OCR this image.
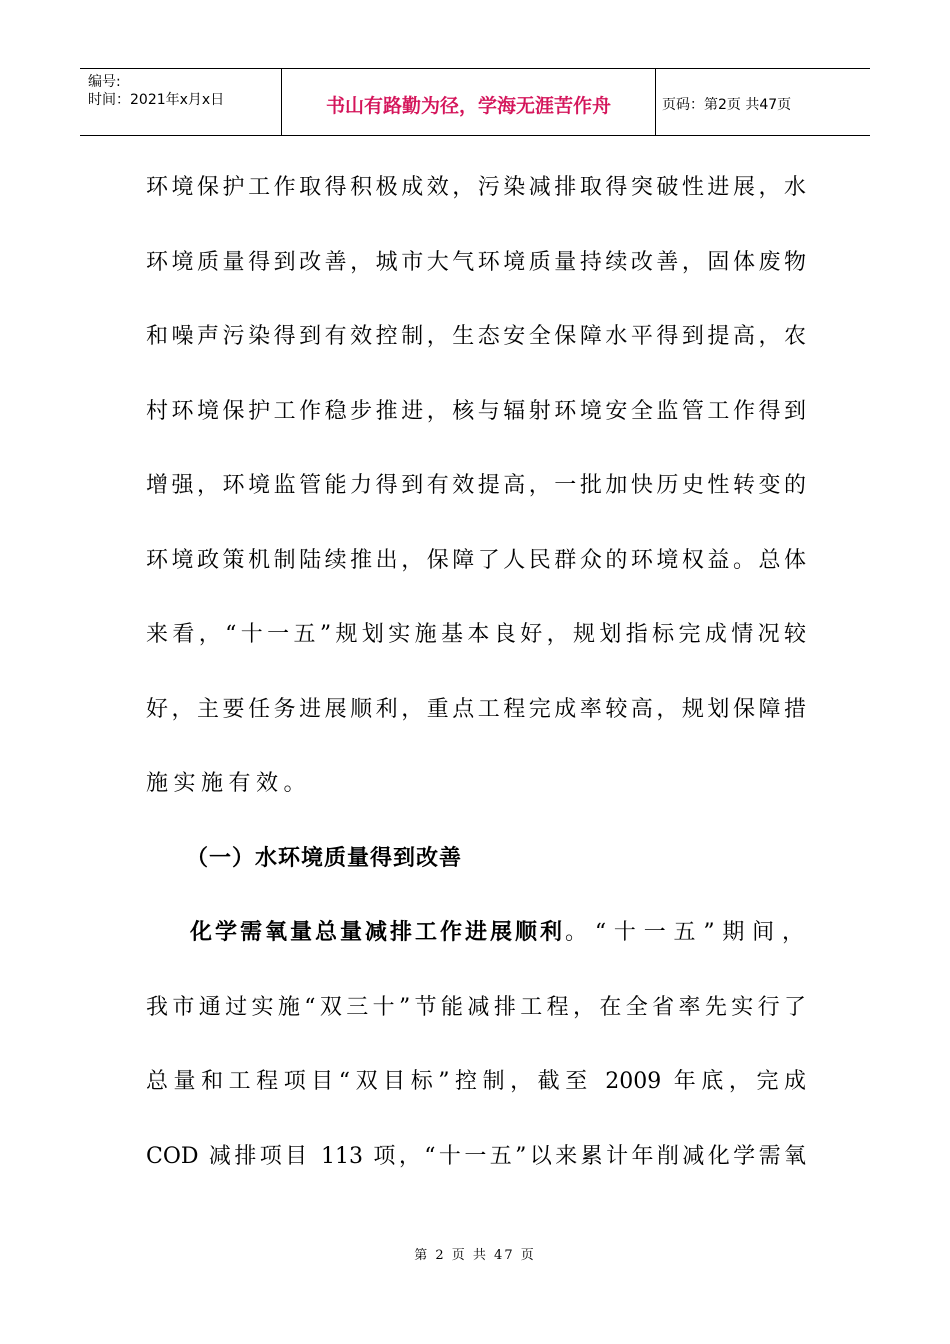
编号:
时间：2021年x月x日	书山有路勤为径，学海无涯苦作舟	页码：第2页 共47页
环境保护工作取得积极成效，污染减排取得突破性进展，水
环境质量得到改善，城市大气环境质量持续改善，固体废物
和噪声污染得到有效控制，生态安全保障水平得到提高，农
村环境保护工作稳步推进，核与辐射环境安全监管工作得到
增强，环境监管能力得到有效提高，一批加快历史性转变的
环境政策机制陆续推出，保障了人民群众的环境权益。总体
来看，“十一五”规划实施基本良好，规划指标完成情况较
好，主要任务进展顺利，重点工程完成率较高，规划保障措
施实施有效。
（一）水环境质量得到改善
化学需氧量总量减排工作进展顺利 。“十一五”期间，
我市通过实施“双三十”节能减排工程，在全省率先实行了
总量和工程项目“双目标”控制，截至 2009 年底，完成
COD 减排项目 113 项，“十一五”以来累计年削减化学需氧
第 2 页 共 47 页
